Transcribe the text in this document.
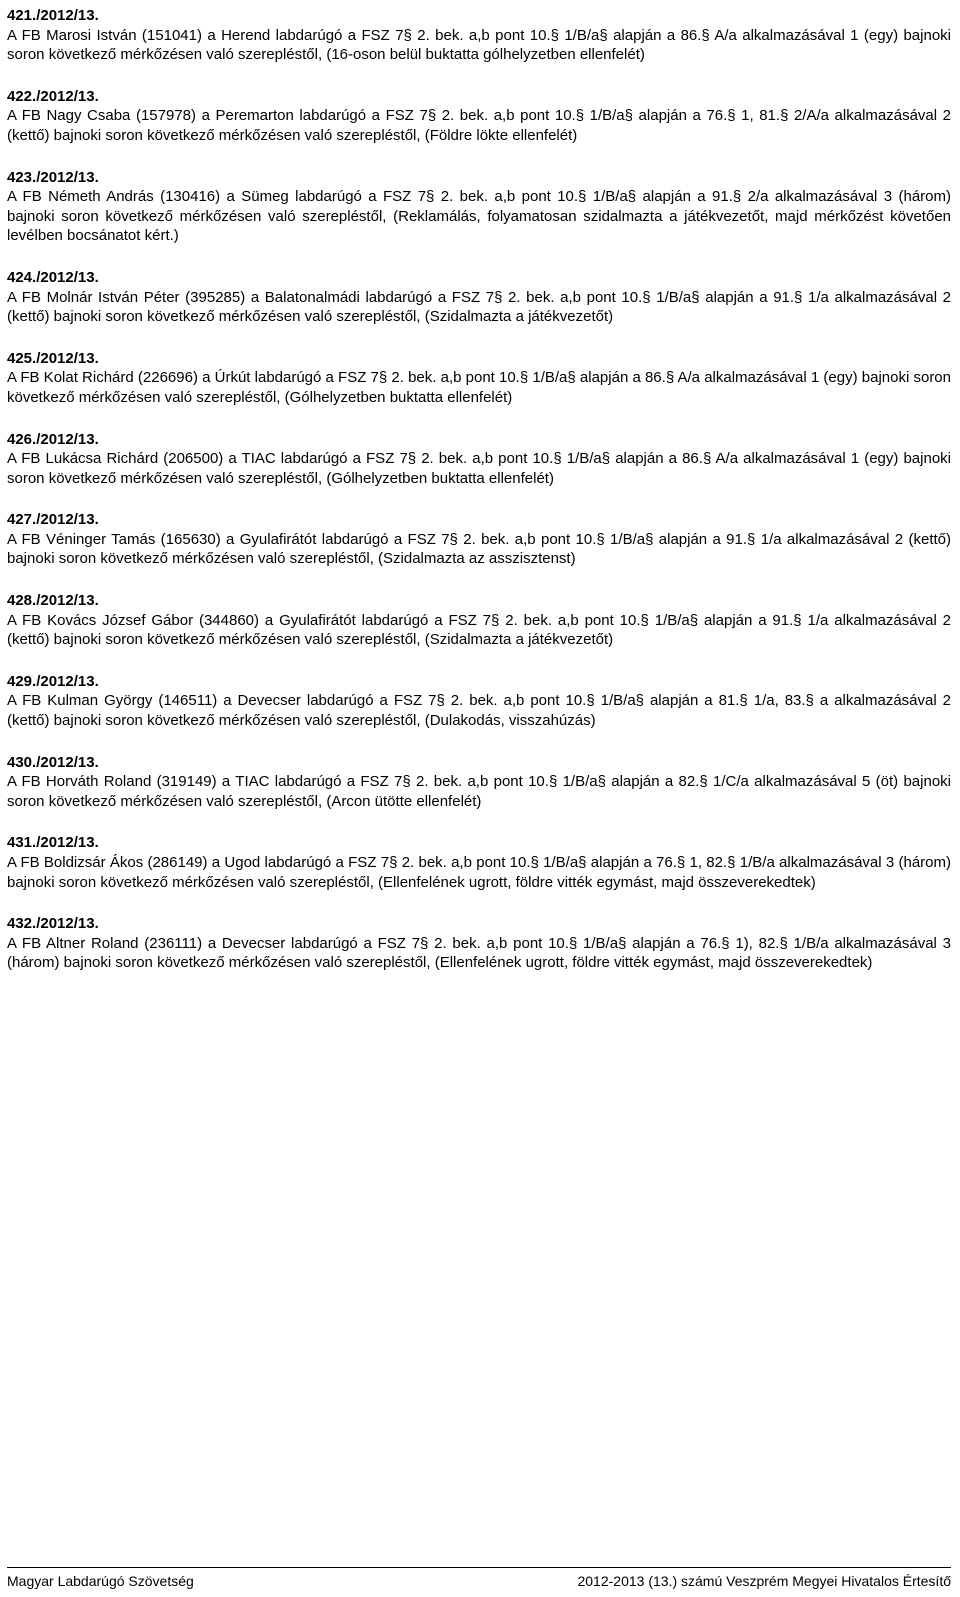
421./2012/13.
A FB Marosi István (151041) a Herend labdarúgó a FSZ 7§ 2. bek. a,b pont 10.§ 1/B/a§ alapján a 86.§ A/a alkalmazásával 1 (egy) bajnoki soron következő mérkőzésen való szerepléstől, (16-oson belül buktatta gólhelyzetben ellenfelét)
422./2012/13.
A FB Nagy Csaba (157978) a Peremarton labdarúgó a FSZ 7§ 2. bek. a,b pont 10.§ 1/B/a§ alapján a 76.§ 1, 81.§ 2/A/a alkalmazásával 2 (kettő) bajnoki soron következő mérkőzésen való szerepléstől, (Földre lökte ellenfelét)
423./2012/13.
A FB Németh András (130416) a Sümeg labdarúgó a FSZ 7§ 2. bek. a,b pont 10.§ 1/B/a§ alapján a 91.§ 2/a alkalmazásával 3 (három) bajnoki soron következő mérkőzésen való szerepléstől, (Reklamálás, folyamatosan szidalmazta a játékvezetőt, majd mérkőzést követően levélben bocsánatot kért.)
424./2012/13.
A FB Molnár István Péter (395285) a Balatonalmádi labdarúgó a FSZ 7§ 2. bek. a,b pont 10.§ 1/B/a§ alapján a 91.§ 1/a alkalmazásával 2 (kettő) bajnoki soron következő mérkőzésen való szerepléstől, (Szidalmazta a játékvezetőt)
425./2012/13.
A FB Kolat Richárd (226696) a Úrkút labdarúgó a FSZ 7§ 2. bek. a,b pont 10.§ 1/B/a§ alapján a 86.§ A/a alkalmazásával 1 (egy) bajnoki soron következő mérkőzésen való szerepléstől, (Gólhelyzetben buktatta ellenfelét)
426./2012/13.
A FB Lukácsa Richárd (206500) a TIAC labdarúgó a FSZ 7§ 2. bek. a,b pont 10.§ 1/B/a§ alapján a 86.§ A/a alkalmazásával 1 (egy) bajnoki soron következő mérkőzésen való szerepléstől, (Gólhelyzetben buktatta ellenfelét)
427./2012/13.
A FB Véninger Tamás (165630) a Gyulafirátót labdarúgó a FSZ 7§ 2. bek. a,b pont 10.§ 1/B/a§ alapján a 91.§ 1/a alkalmazásával 2 (kettő) bajnoki soron következő mérkőzésen való szerepléstől, (Szidalmazta az asszisztenst)
428./2012/13.
A FB Kovács József Gábor (344860) a Gyulafirátót labdarúgó a FSZ 7§ 2. bek. a,b pont 10.§ 1/B/a§ alapján a 91.§ 1/a alkalmazásával 2 (kettő) bajnoki soron következő mérkőzésen való szerepléstől, (Szidalmazta a játékvezetőt)
429./2012/13.
A FB Kulman György (146511) a Devecser labdarúgó a FSZ 7§ 2. bek. a,b pont 10.§ 1/B/a§ alapján a 81.§ 1/a, 83.§ a alkalmazásával 2 (kettő) bajnoki soron következő mérkőzésen való szerepléstől, (Dulakodás, visszahúzás)
430./2012/13.
A FB Horváth Roland (319149) a TIAC labdarúgó a FSZ 7§ 2. bek. a,b pont 10.§ 1/B/a§ alapján a 82.§ 1/C/a alkalmazásával 5 (öt) bajnoki soron következő mérkőzésen való szerepléstől, (Arcon ütötte ellenfelét)
431./2012/13.
A FB Boldizsár Ákos (286149) a Ugod labdarúgó a FSZ 7§ 2. bek. a,b pont 10.§ 1/B/a§ alapján a 76.§ 1, 82.§ 1/B/a alkalmazásával 3 (három) bajnoki soron következő mérkőzésen való szerepléstől, (Ellenfelének ugrott, földre vitték egymást, majd összeverekedtek)
432./2012/13.
A FB Altner Roland (236111) a Devecser labdarúgó a FSZ 7§ 2. bek. a,b pont 10.§ 1/B/a§ alapján a 76.§ 1), 82.§ 1/B/a alkalmazásával 3 (három) bajnoki soron következő mérkőzésen való szerepléstől, (Ellenfelének ugrott, földre vitték egymást, majd összeverekedtek)
Magyar Labdarúgó Szövetség	2012-2013 (13.) számú Veszprém Megyei Hivatalos Értesítő
